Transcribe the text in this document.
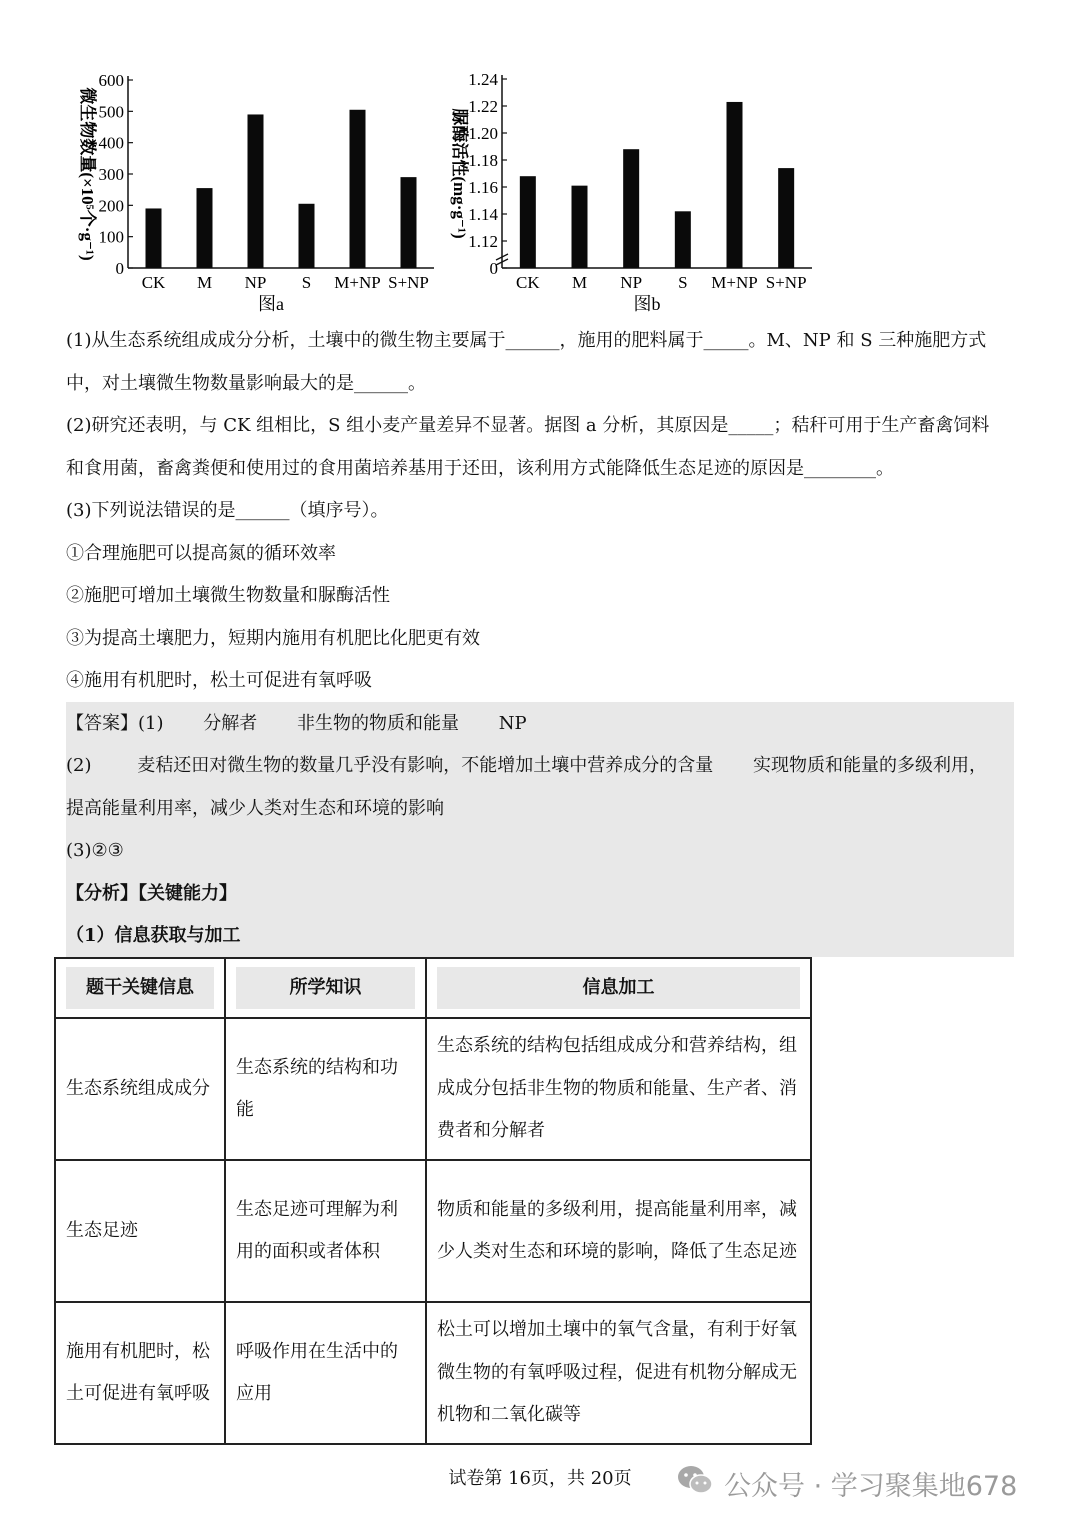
0
100
200
300
400
500
600
CK M NP S M+NP S+NP
图a
微生物数量(×10⁵个·g⁻¹)
0
1.12
1.14
1.16
1.18
1.20
1.22
1.24
CK M NP S M+NP S+NP
图b
脲酶活性(mg·g⁻¹)
(1)从生态系统组成成分分析，土壤中的微生物主要属于______，施用的肥料属于_____。M、NP 和 S 三种施肥方式
中，对土壤微生物数量影响最大的是______。
(2)研究还表明，与 CK 组相比，S 组小麦产量差异不显著。据图 a 分析，其原因是_____；秸秆可用于生产畜禽饲料
和食用菌，畜禽粪便和使用过的食用菌培养基用于还田，该利用方式能降低生态足迹的原因是________。
(3)下列说法错误的是______（填序号）。
①合理施肥可以提高氮的循环效率
②施肥可增加土壤微生物数量和脲酶活性
③为提高土壤肥力，短期内施用有机肥比化肥更有效
④施用有机肥时，松土可促进有氧呼吸
【答案】(1) 分解者 非生物的物质和能量 NP
(2)	麦秸还田对微生物的数量几乎没有影响，不能增加土壤中营养成分的含量 实现物质和能量的多级利用，
提高能量利用率，减少人类对生态和环境的影响
(3)②③
【分析】【关键能力】
（1）信息获取与加工
题干关键信息	所学知识	信息加工

生态系统组成成分	生态系统的结构和功能	生态系统的结构包括组成成分和营养结构，组成成分包括非生物的物质和能量、生产者、消费者和分解者
生态足迹	生态足迹可理解为利用的面积或者体积	物质和能量的多级利用，提高能量利用率，减少人类对生态和环境的影响，降低了生态足迹
施用有机肥时，松土可促进有氧呼吸	呼吸作用在生活中的应用	松土可以增加土壤中的氧气含量，有利于好氧微生物的有氧呼吸过程，促进有机物分解成无机物和二氧化碳等
试卷第 16页，共 20页	公众号 · 学习聚集地678
